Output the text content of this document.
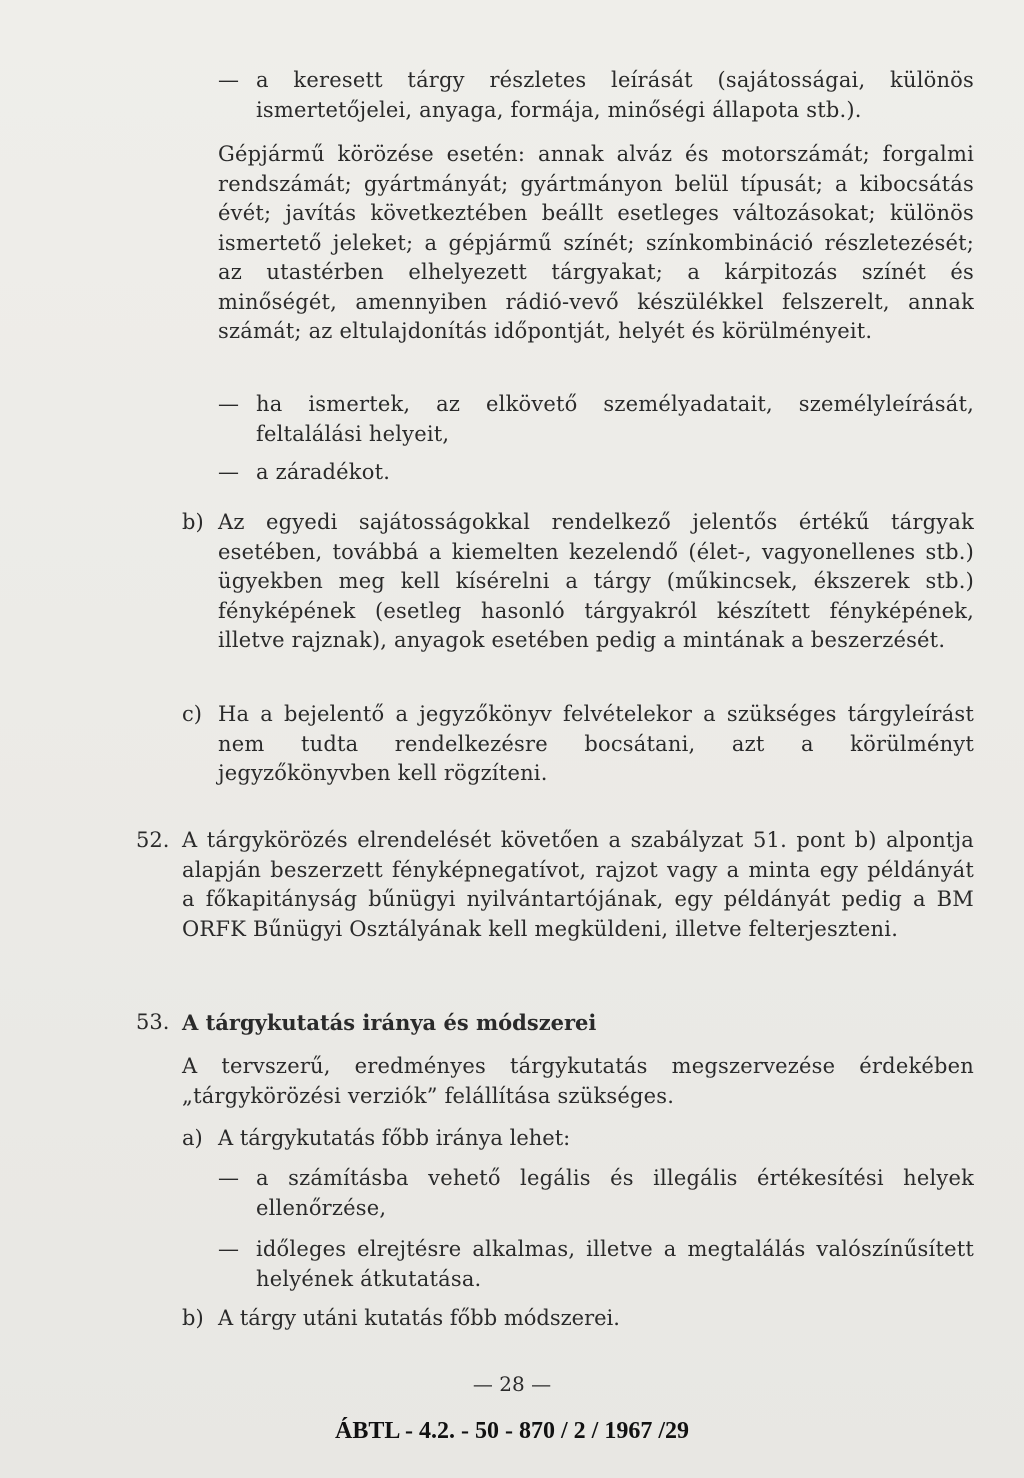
— a keresett tárgy részletes leírását (sajátosságai, különös ismertetőjelei, anyaga, formája, minőségi állapota stb.).
Gépjármű körözése esetén: annak alváz és motorszámát; forgalmi rendszámát; gyártmányát; gyártmányon belül típusát; a kibocsátás évét; javítás következtében beállt esetleges változásokat; különös ismertető jeleket; a gépjármű színét; színkombináció részletezését; az utastérben elhelyezett tárgyakat; a kárpitozás színét és minőségét, amennyiben rádió-vevő készülékkel felszerelt, annak számát; az eltulajdonítás időpontját, helyét és körülményeit.
— ha ismertek, az elkövető személyadatait, személyleírását, feltalálási helyeit,
— a záradékot.
b) Az egyedi sajátosságokkal rendelkező jelentős értékű tárgyak esetében, továbbá a kiemelten kezelendő (élet-, vagyonellenes stb.) ügyekben meg kell kísérelni a tárgy (műkincsek, ékszerek stb.) fényképének (esetleg hasonló tárgyakról készített fényképének, illetve rajznak), anyagok esetében pedig a mintának a beszerzését.
c) Ha a bejelentő a jegyzőkönyv felvételekor a szükséges tárgyleírást nem tudta rendelkezésre bocsátani, azt a körülményt jegyzőkönyvben kell rögzíteni.
52. A tárgykörözés elrendelését követően a szabályzat 51. pont b) alpontja alapján beszerzett fényképnegatívot, rajzot vagy a minta egy példányát a főkapitányság bűnügyi nyilvántartójának, egy példányát pedig a BM ORFK Bűnügyi Osztályának kell megküldeni, illetve felterjeszteni.
53. A tárgykutatás iránya és módszerei
A tervszerű, eredményes tárgykutatás megszervezése érdekében „tárgykörözési verziók” felállítása szükséges.
a) A tárgykutatás főbb iránya lehet:
— a számításba vehető legális és illegális értékesítési helyek ellenőrzése,
— időleges elrejtésre alkalmas, illetve a megtalálás valószínűsített helyének átkutatása.
b) A tárgy utáni kutatás főbb módszerei.
— 28 —
ÁBTL - 4.2. - 50 - 870 / 2 / 1967 /29
